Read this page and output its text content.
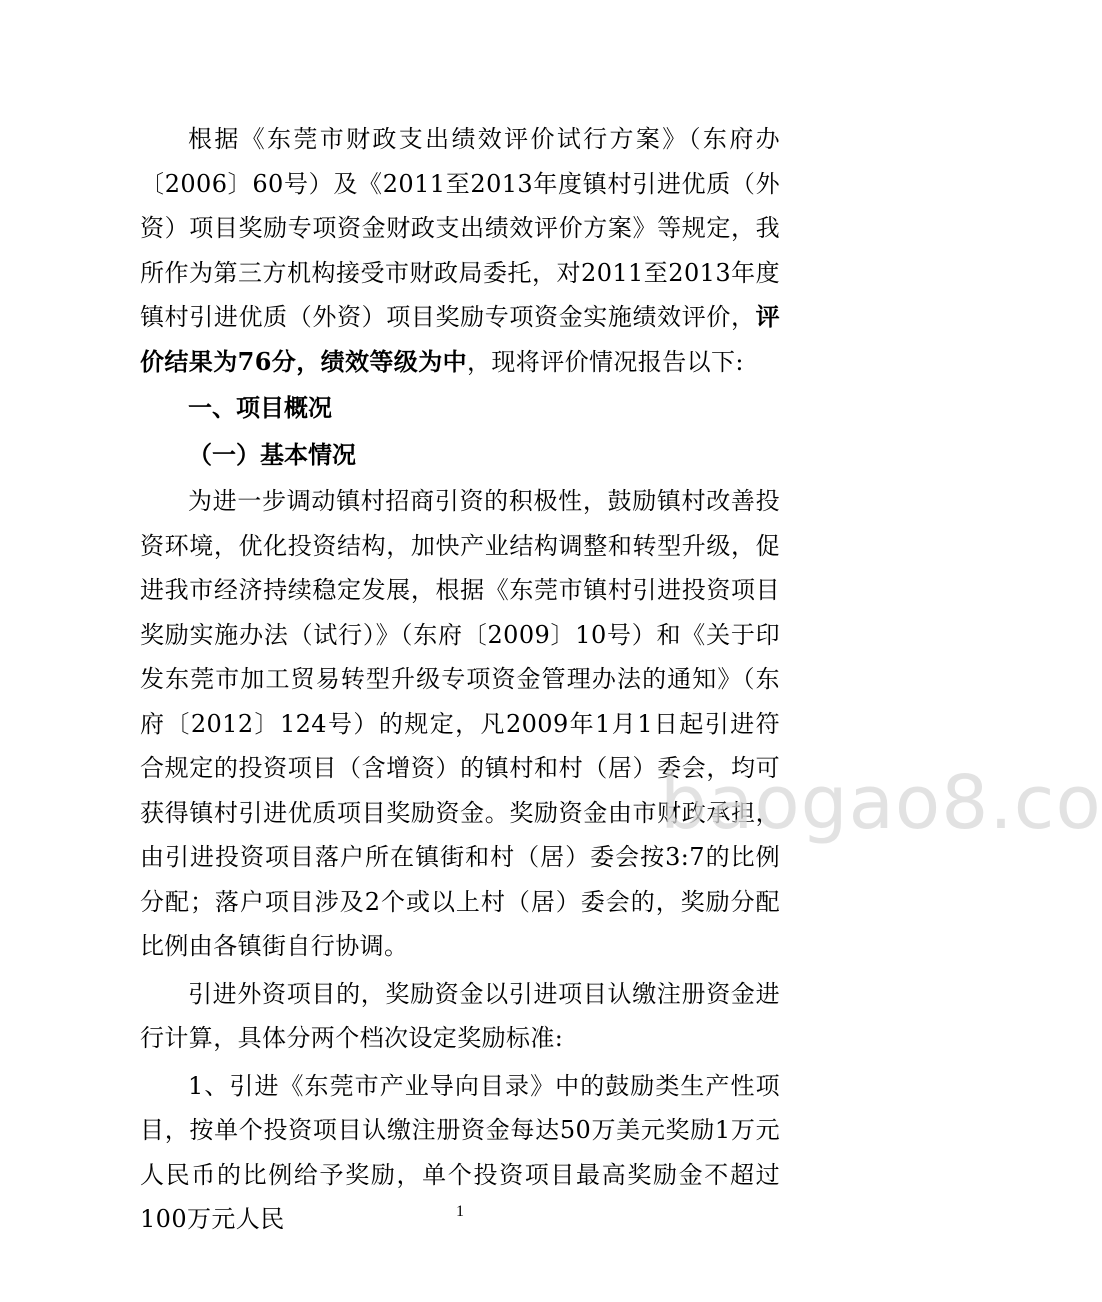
根据《东莞市财政支出绩效评价试行方案》（东府办〔2006〕60号）及《2011至2013年度镇村引进优质（外资）项目奖励专项资金财政支出绩效评价方案》等规定，我所作为第三方机构接受市财政局委托，对2011至2013年度镇村引进优质（外资）项目奖励专项资金实施绩效评价，评价结果为76分，绩效等级为中，现将评价情况报告以下:

一、项目概况
（一）基本情况

为进一步调动镇村招商引资的积极性，鼓励镇村改善投资环境，优化投资结构，加快产业结构调整和转型升级，促进我市经济持续稳定发展，根据《东莞市镇村引进投资项目奖励实施办法（试行）》（东府〔2009〕10号）和《关于印发东莞市加工贸易转型升级专项资金管理办法的通知》（东府〔2012〕124号）的规定，凡2009年1月1日起引进符合规定的投资项目（含增资）的镇村和村（居）委会，均可获得镇村引进优质项目奖励资金。奖励资金由市财政承担，由引进投资项目落户所在镇街和村（居）委会按3:7的比例分配；落户项目涉及2个或以上村（居）委会的，奖励分配比例由各镇街自行协调。

引进外资项目的，奖励资金以引进项目认缴注册资金进行计算，具体分两个档次设定奖励标准:

1、引进《东莞市产业导向目录》中的鼓励类生产性项目，按单个投资项目认缴注册资金每达50万美元奖励1万元人民币的比例给予奖励，单个投资项目最高奖励金不超过100万元人民

baogao8.co
1
